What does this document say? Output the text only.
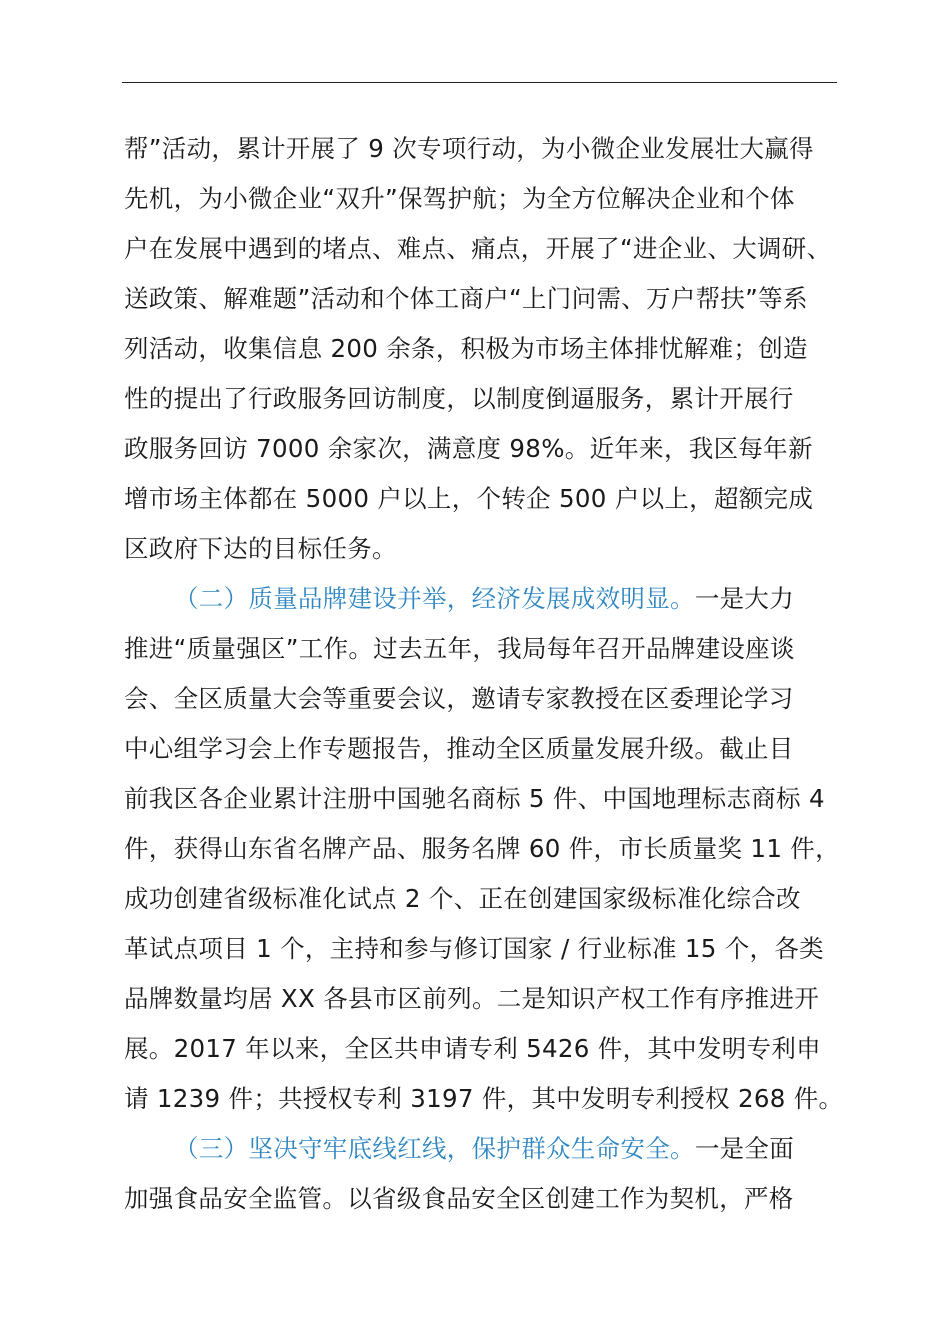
帮”活动，累计开展了 9 次专项行动，为小微企业发展壮大赢得
先机，为小微企业“双升”保驾护航；为全方位解决企业和个体
户在发展中遇到的堵点、难点、痛点，开展了“进企业、大调研、
送政策、解难题”活动和个体工商户“上门问需、万户帮扶”等系
列活动，收集信息 200 余条，积极为市场主体排忧解难；创造
性的提出了行政服务回访制度，以制度倒逼服务，累计开展行
政服务回访 7000 余家次，满意度 98%。近年来，我区每年新
增市场主体都在 5000 户以上，个转企 500 户以上，超额完成
区政府下达的目标任务。
（二）质量品牌建设并举，经济发展成效明显。一是大力
推进“质量强区”工作。过去五年，我局每年召开品牌建设座谈
会、全区质量大会等重要会议，邀请专家教授在区委理论学习
中心组学习会上作专题报告，推动全区质量发展升级。截止目
前我区各企业累计注册中国驰名商标 5 件、中国地理标志商标 4
件，获得山东省名牌产品、服务名牌 60 件，市长质量奖 11 件，
成功创建省级标准化试点 2 个、正在创建国家级标准化综合改
革试点项目 1 个，主持和参与修订国家 / 行业标准 15 个，各类
品牌数量均居 XX 各县市区前列。二是知识产权工作有序推进开
展。2017 年以来，全区共申请专利 5426 件，其中发明专利申
请 1239 件；共授权专利 3197 件，其中发明专利授权 268 件。
（三）坚决守牢底线红线，保护群众生命安全。一是全面
加强食品安全监管。以省级食品安全区创建工作为契机，严格
